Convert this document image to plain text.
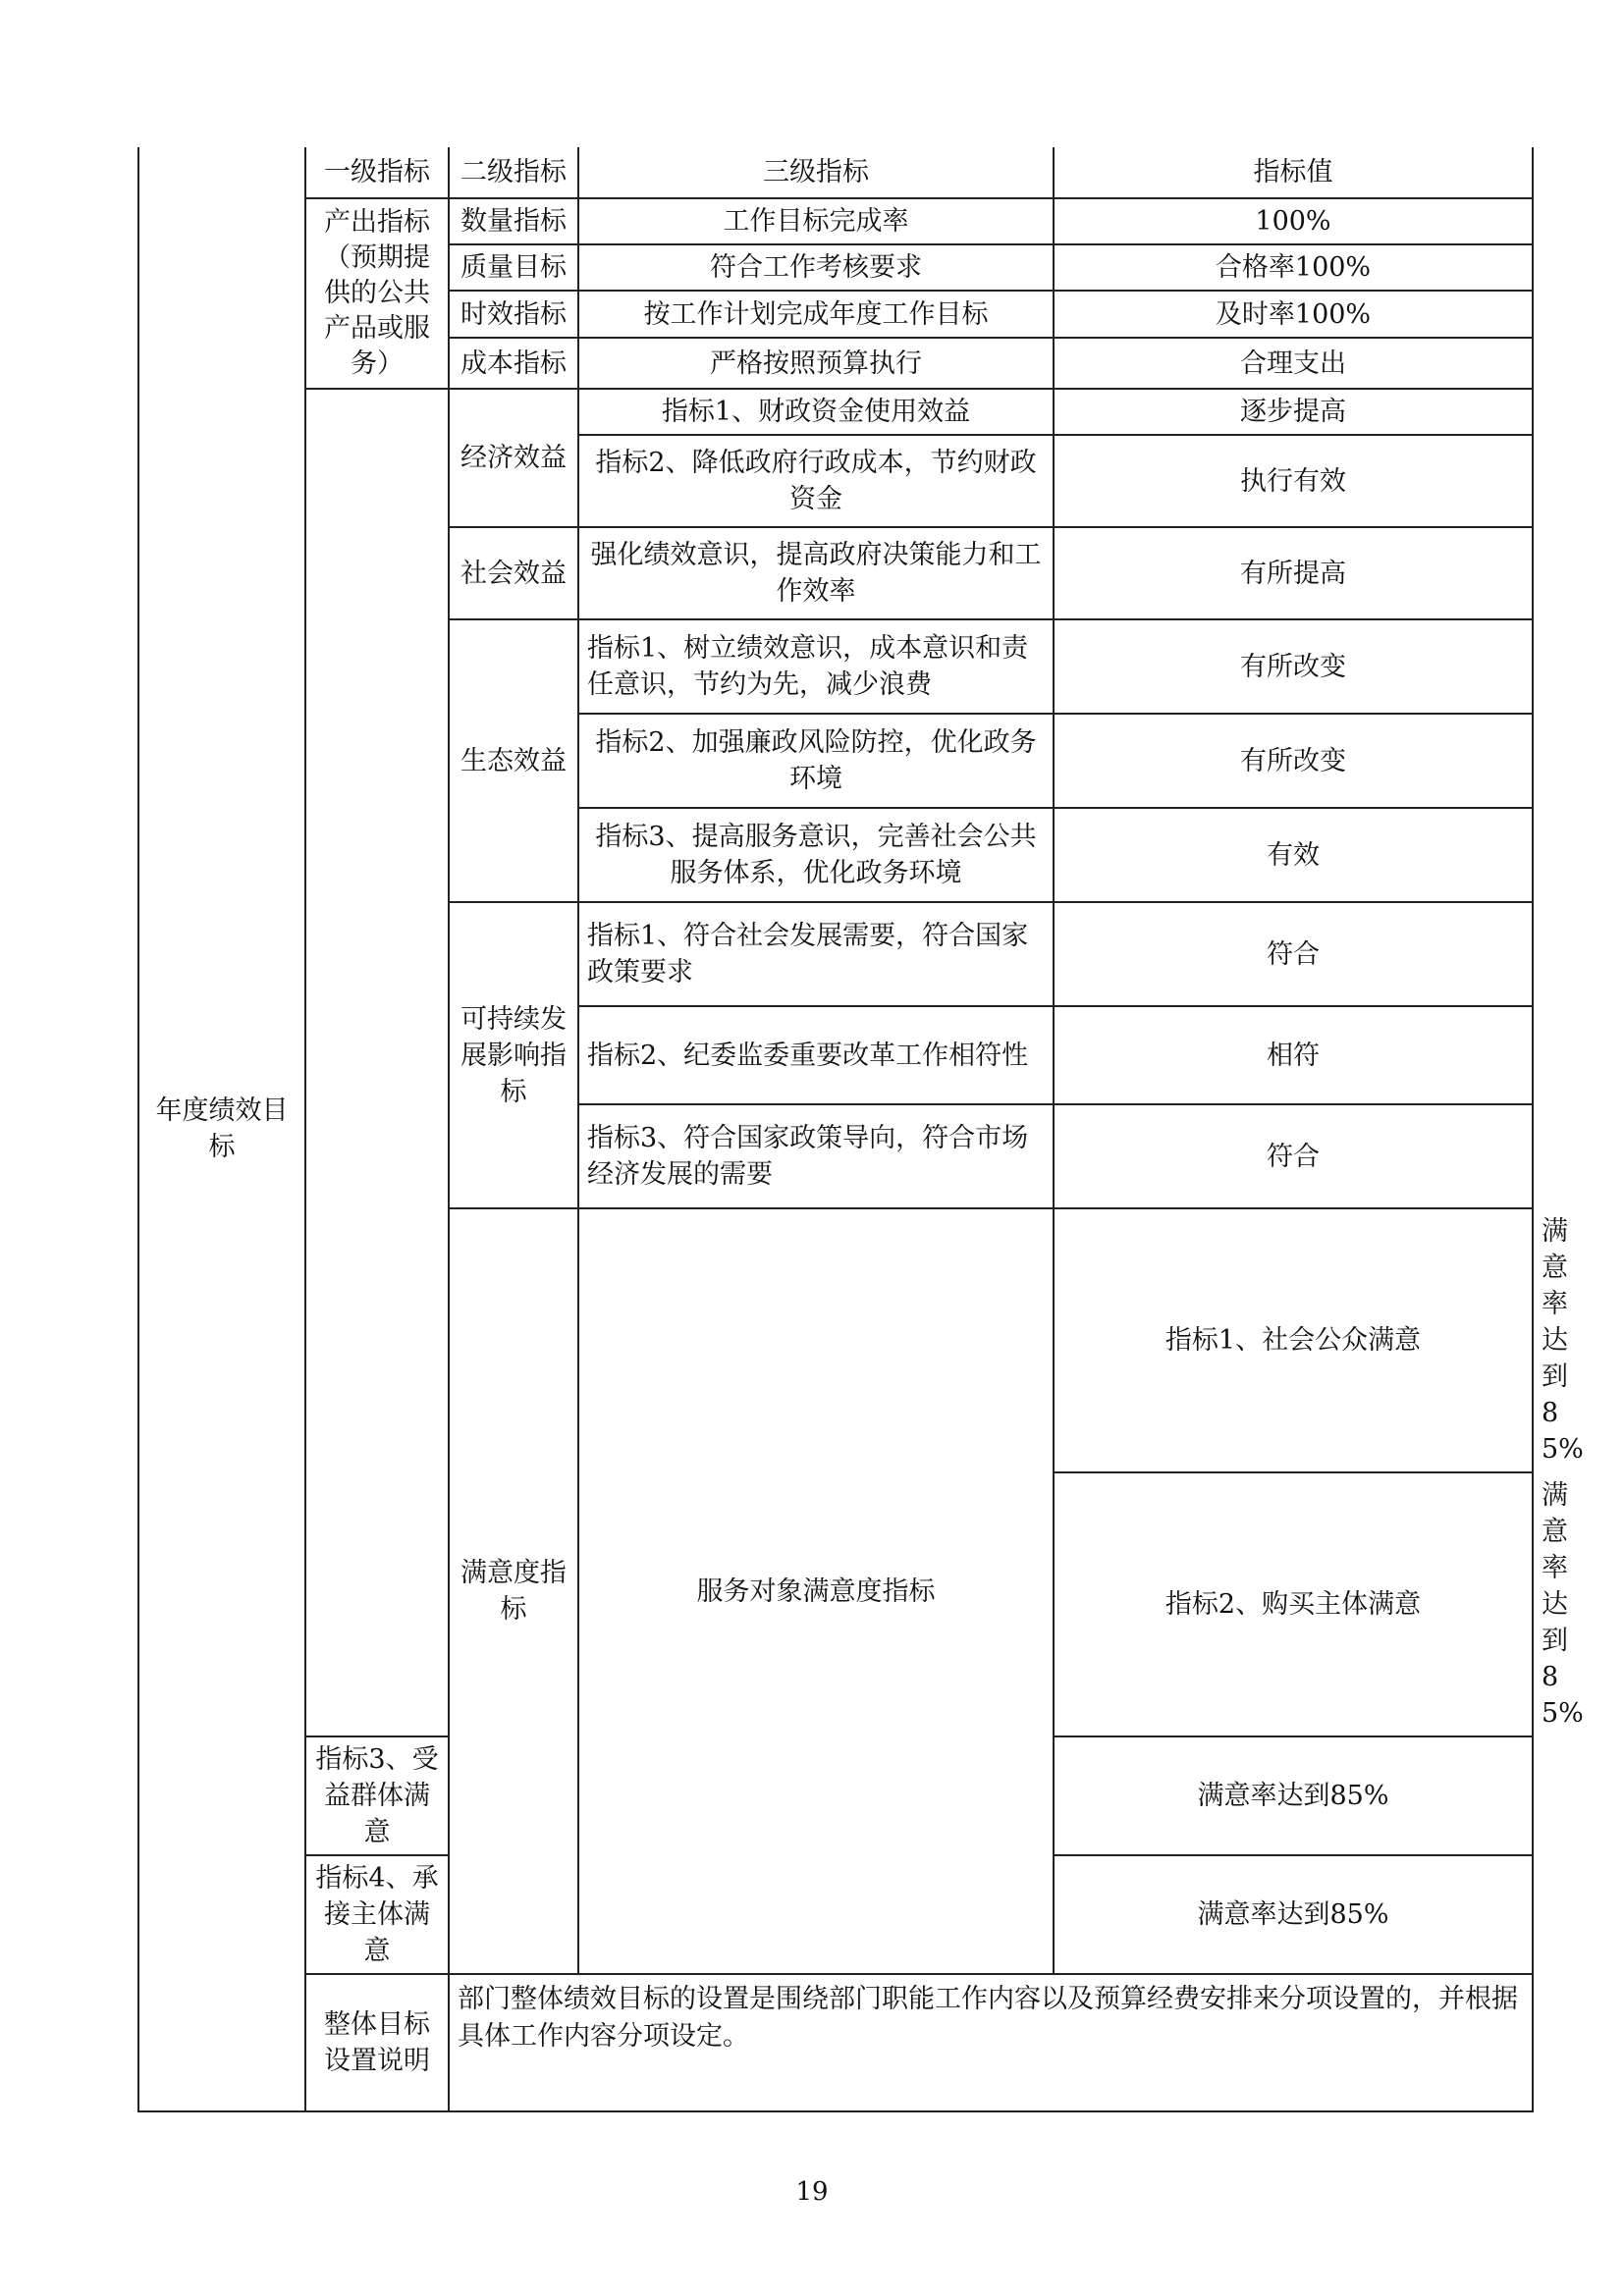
年度绩效目标	一级指标	二级指标	三级指标	指标值	
	产出指标（预期提供的公共产品或服务）	数量指标	工作目标完成率	100%	
		质量目标	符合工作考核要求	合格率100%	
		时效指标	按工作计划完成年度工作目标	及时率100%	
		成本指标	严格按照预算执行	合理支出	
		经济效益	指标1、财政资金使用效益	逐步提高	
			指标2、降低政府行政成本，节约财政资金	执行有效	
		社会效益	强化绩效意识，提高政府决策能力和工作效率	有所提高	
		生态效益	指标1、树立绩效意识，成本意识和责任意识，节约为先，减少浪费	有所改变	
			指标2、加强廉政风险防控，优化政务环境	有所改变	
			指标3、提高服务意识，完善社会公共服务体系，优化政务环境	有效	
		可持续发展影响指标	指标1、符合社会发展需要，符合国家政策要求	符合	
			指标2、纪委监委重要改革工作相符性	相符	
			指标3、符合国家政策导向，符合市场经济发展的需要	符合	
		满意度指标	服务对象满意度指标	指标1、社会公众满意	满意率达到85%
				指标2、购买主体满意	满意率达到85%
	指标3、受益群体满意			满意率达到85%	
	指标4、承接主体满意			满意率达到85%	
	整体目标设置说明	部门整体绩效目标的设置是围绕部门职能工作内容以及预算经费安排来分项设置的，并根据具体工作内容分项设定。			
19
